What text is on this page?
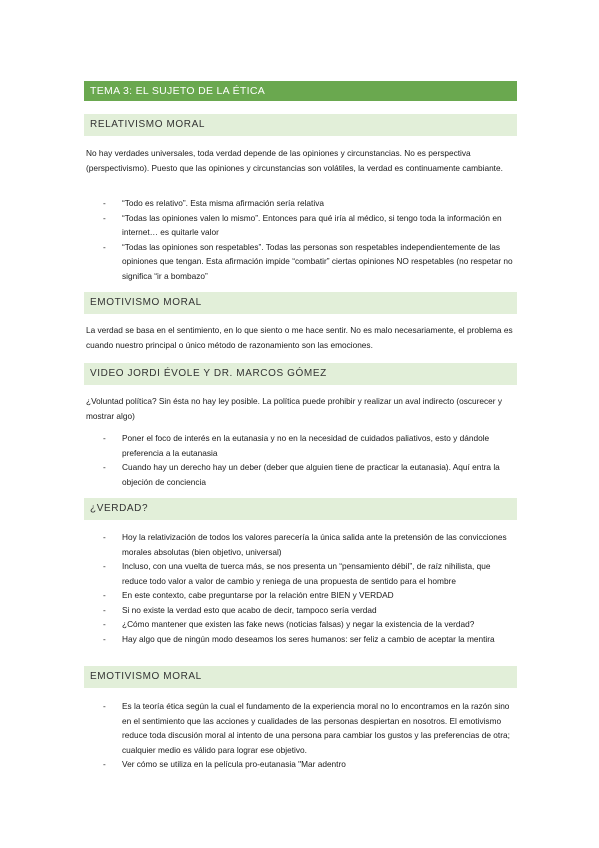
TEMA 3: EL SUJETO DE LA ÉTICA
RELATIVISMO MORAL

No hay verdades universales, toda verdad depende de las opiniones y circunstancias. No es perspectiva (perspectivismo). Puesto que las opiniones y circunstancias son volátiles, la verdad es continuamente cambiante.

- “Todo es relativo”. Esta misma afirmación sería relativa
- “Todas las opiniones valen lo mismo”. Entonces para qué iría al médico, si tengo toda la información en internet… es quitarle valor
- “Todas las opiniones son respetables”. Todas las personas son respetables independientemente de las opiniones que tengan. Esta afirmación impide “combatir” ciertas opiniones NO respetables (no respetar no significa “ir a bombazo”
EMOTIVISMO MORAL

La verdad se basa en el sentimiento, en lo que siento o me hace sentir. No es malo necesariamente, el problema es cuando nuestro principal o único método de razonamiento son las emociones.

VIDEO JORDI ÉVOLE Y DR. MARCOS GÓMEZ

¿Voluntad política? Sin ésta no hay ley posible. La política puede prohibir y realizar un aval indirecto (oscurecer y mostrar algo)

- Poner el foco de interés en la eutanasia y no en la necesidad de cuidados paliativos, esto y dándole preferencia a la eutanasia
- Cuando hay un derecho hay un deber (deber que alguien tiene de practicar la eutanasia). Aquí entra la objeción de conciencia
¿VERDAD?
- Hoy la relativización de todos los valores parecería la única salida ante la pretensión de las convicciones morales absolutas (bien objetivo, universal)
- Incluso, con una vuelta de tuerca más, se nos presenta un “pensamiento débil”, de raíz nihilista, que reduce todo valor a valor de cambio y reniega de una propuesta de sentido para el hombre
- En este contexto, cabe preguntarse por la relación entre BIEN y VERDAD
- Si no existe la verdad esto que acabo de decir, tampoco sería verdad
- ¿Cómo mantener que existen las fake news (noticias falsas) y negar la existencia de la verdad?
- Hay algo que de ningún modo deseamos los seres humanos: ser feliz a cambio de aceptar la mentira
EMOTIVISMO MORAL
- Es la teoría ética según la cual el fundamento de la experiencia moral no lo encontramos en la razón sino en el sentimiento que las acciones y cualidades de las personas despiertan en nosotros. El emotivismo reduce toda discusión moral al intento de una persona para cambiar los gustos y las preferencias de otra; cualquier medio es válido para lograr ese objetivo.
- Ver cómo se utiliza en la película pro-eutanasia "Mar adentro
